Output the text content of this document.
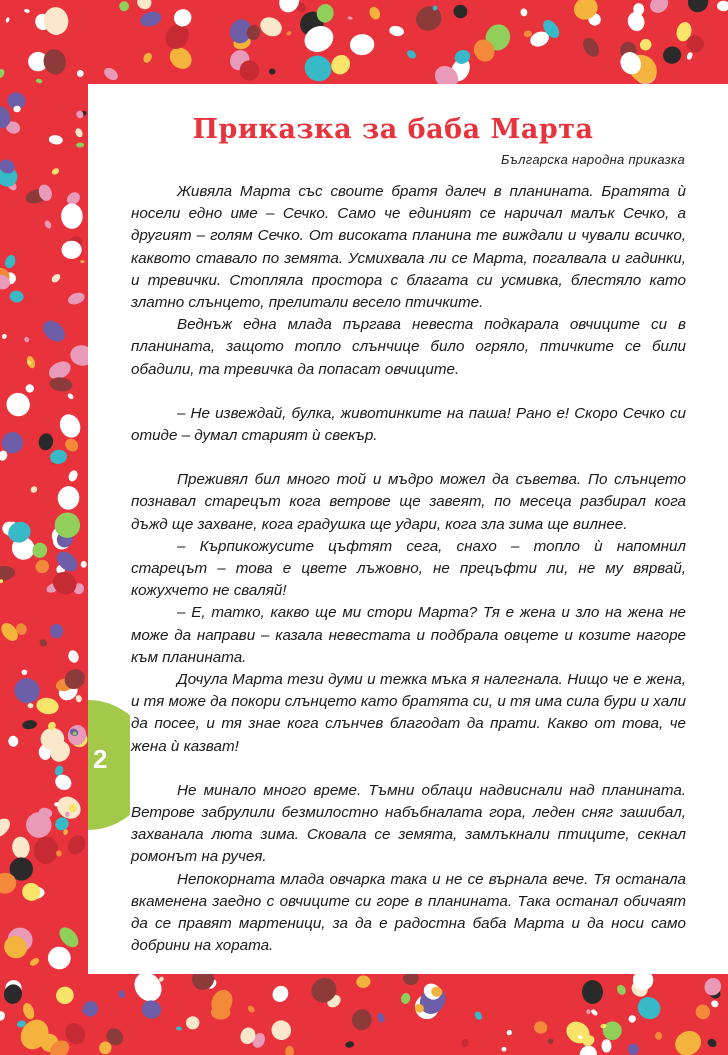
2
Приказка за баба Марта

Българска народна приказка

Живяла Марта със своите братя далеч в планината. Братята ѝ носели едно име – Сечко. Само че единият се наричал малък Сечко, а другият – голям Сечко. От високата планина те виждали и чували всичко, каквото ставало по земята. Усмихвала ли се Марта, погалвала и гадинки, и тревички. Стопляла простора с благата си усмивка, блестяло като златно слънцето, прелитали весело птичките.

Веднъж една млада пъргава невеста подкарала овчиците си в планината, защото топло слънчице било огряло, птичките се били обадили, та тревичка да попасат овчиците.

– Не извеждай, булка, животинките на паша! Рано е! Скоро Сечко си отиде – думал старият ѝ свекър.

Преживял бил много той и мъдро можел да съветва. По слънцето познавал старецът кога ветрове ще завеят, по месеца разбирал кога дъжд ще захване, кога градушка ще удари, кога зла зима ще вилнее.

– Кърпикожусите цъфтят сега, снахо – топло ѝ напомнил старецът – това е цвете лъжовно, не прецъфти ли, не му вярвай, кожухчето не сваляй!

– Е, татко, какво ще ми стори Марта? Тя е жена и зло на жена не може да направи – казала невестата и подбрала овцете и козите нагоре към планината.

Дочула Марта тези думи и тежка мъка я налегнала. Нищо че е жена, и тя може да покори слънцето като братята си, и тя има сила бури и хали да посее, и тя знае кога слънчев благодат да прати. Какво от това, че жена ѝ казват!

Не минало много време. Тъмни облаци надвиснали над планината. Ветрове забрулили безмилостно набъбналата гора, леден сняг зашибал, захванала люта зима. Сковала се земята, замлъкнали птиците, секнал ромонът на ручея.

Непокорната млада овчарка така и не се върнала вече. Тя останала вкаменена заедно с овчиците си горе в планината. Така останал обичаят да се правят мартеници, за да е радостна баба Марта и да носи само добрини на хората.
